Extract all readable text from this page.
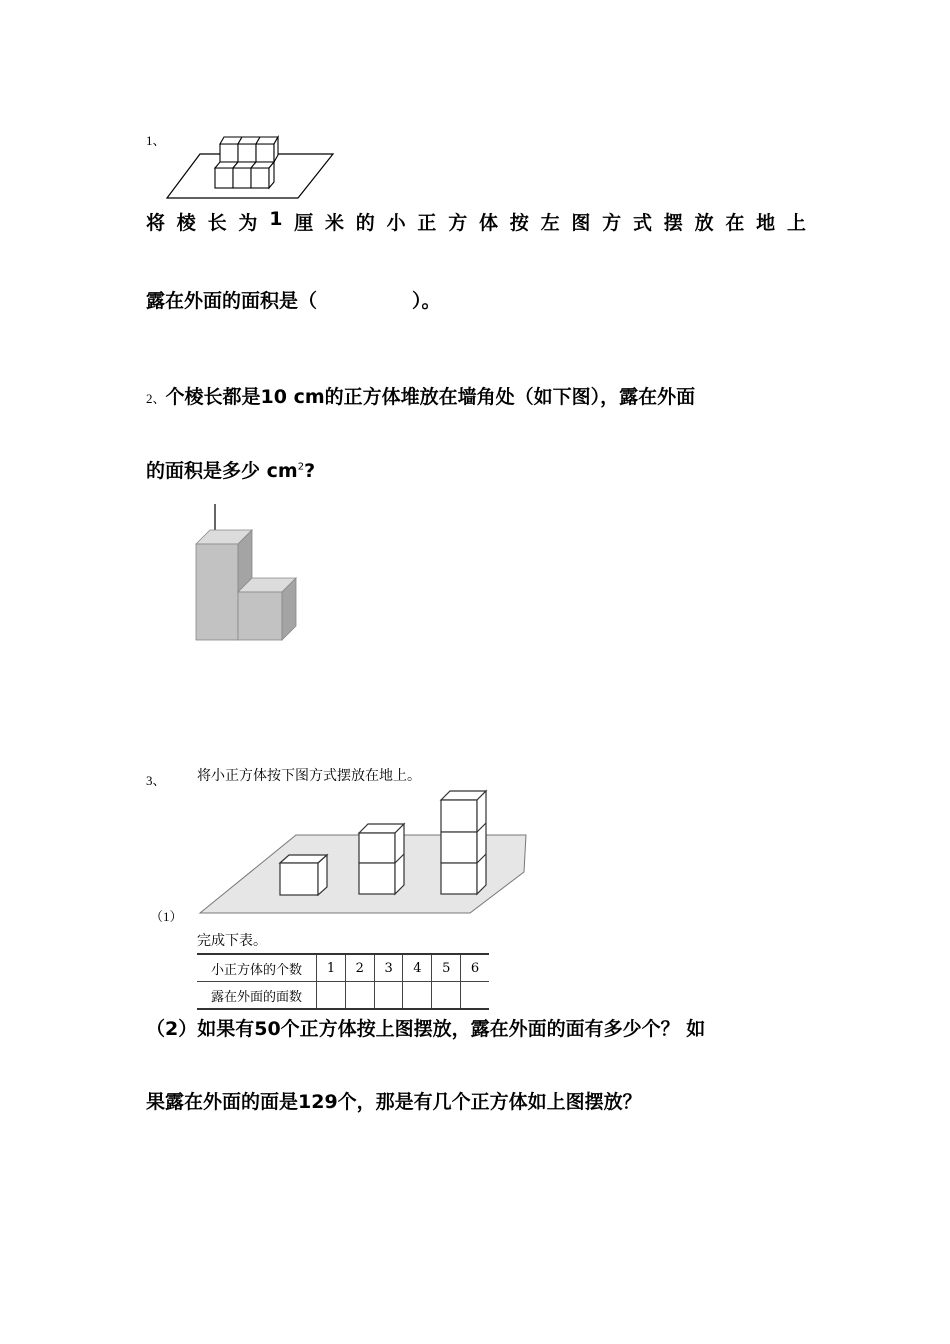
1、
将 棱 长 为 1 厘 米 的 小 正 方 体 按 左 图 方 式 摆 放 在 地 上
露在外面的面积是（	）。
2、个棱长都是10 cm的正方体堆放在墙角处（如下图），露在外面
的面积是多少 $cm^2$?
3、 将小正方体按下图方式摆放在地上。
（1）
完成下表。
小正方体的个数	1	2	3	4	5	6
露在外面的面数						
（2）如果有50个正方体按上图摆放，露在外面的面有多少个？ 如
果露在外面的面是129个，那是有几个正方体如上图摆放？
